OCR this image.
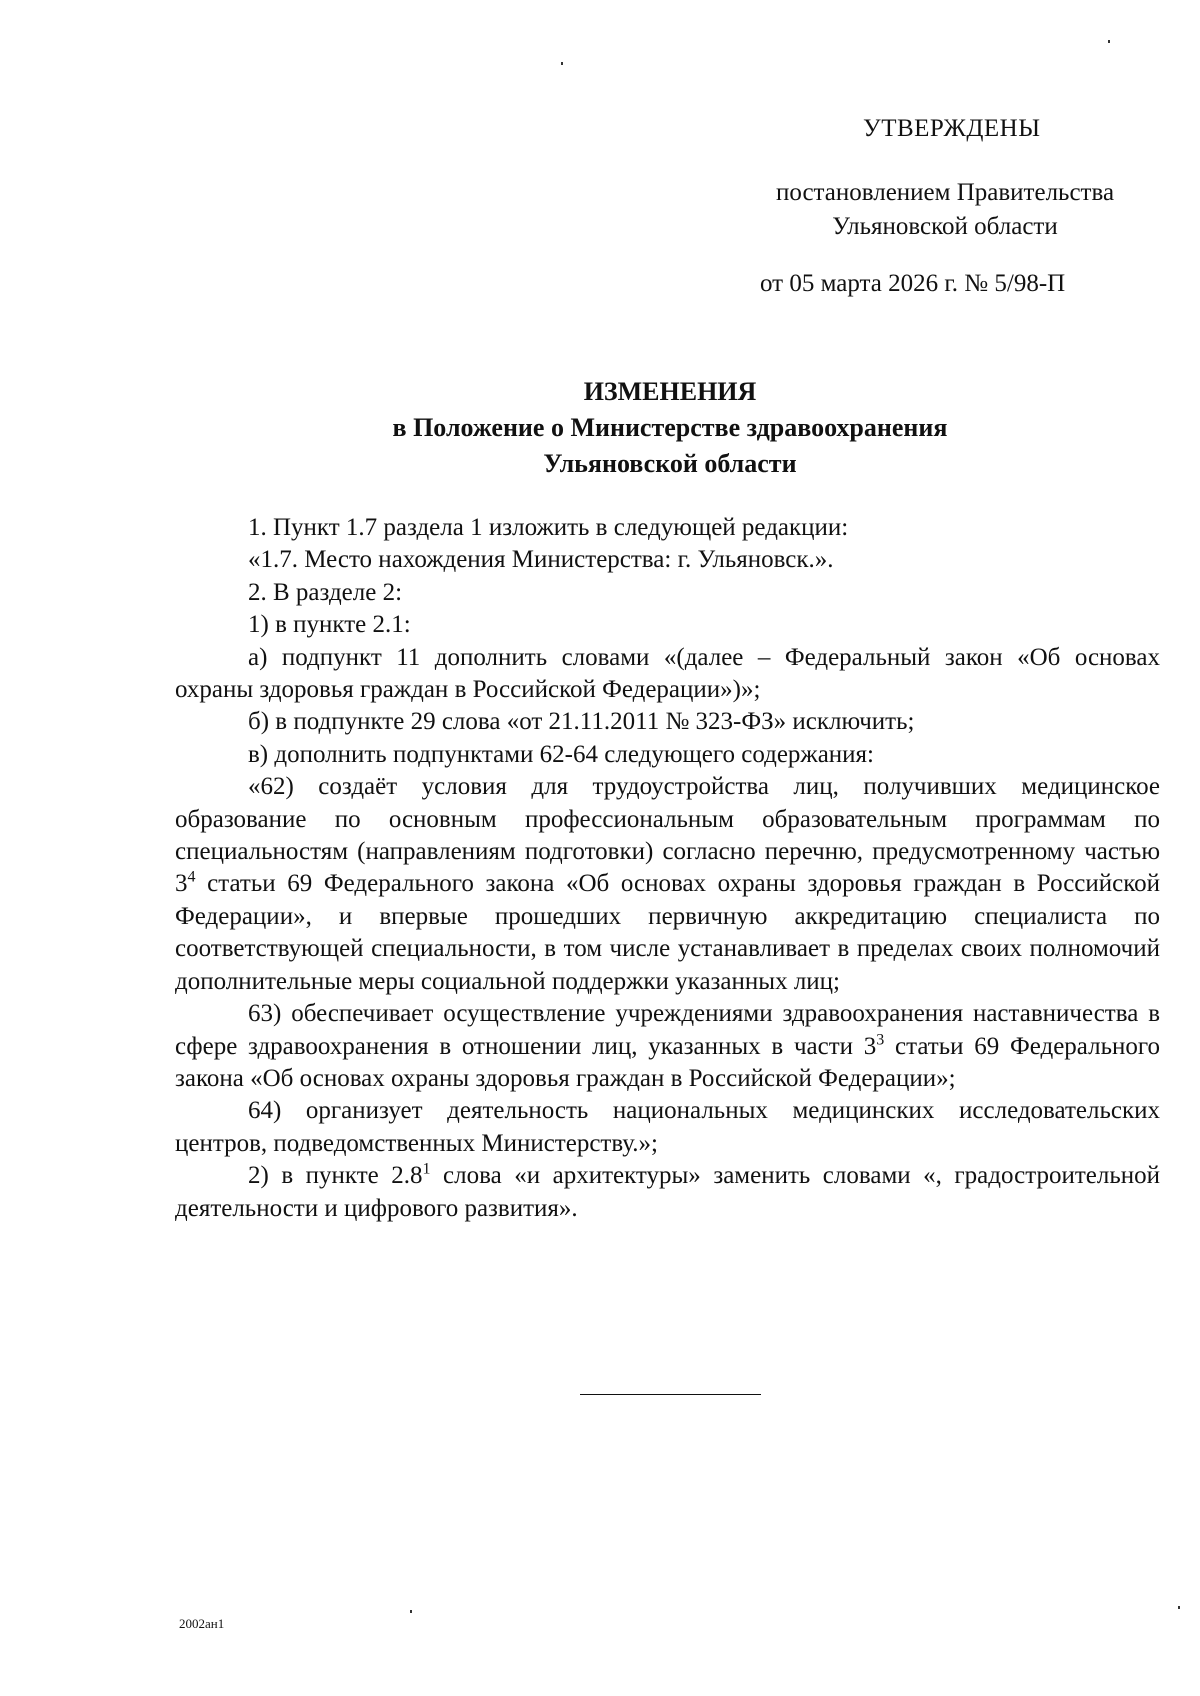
УТВЕРЖДЕНЫ
постановлением Правительства Ульяновской области
от 05 марта 2026 г. № 5/98-П
ИЗМЕНЕНИЯ
в Положение о Министерстве здравоохранения
Ульяновской области

1. Пункт 1.7 раздела 1 изложить в следующей редакции:

«1.7. Место нахождения Министерства: г. Ульяновск.».

2. В разделе 2:

1) в пункте 2.1:

а) подпункт 11 дополнить словами «(далее – Федеральный закон «Об основах охраны здоровья граждан в Российской Федерации»)»;

б) в подпункте 29 слова «от 21.11.2011 № 323-ФЗ» исключить;

в) дополнить подпунктами 62-64 следующего содержания:

«62) создаёт условия для трудоустройства лиц, получивших медицинское образование по основным профессиональным образовательным программам по специальностям (направлениям подготовки) согласно перечню, предусмотренному частью $3^4$ статьи 69 Федерального закона «Об основах охраны здоровья граждан в Российской Федерации», и впервые прошедших первичную аккредитацию специалиста по соответствующей специальности, в том числе устанавливает в пределах своих полномочий дополнительные меры социальной поддержки указанных лиц;

63) обеспечивает осуществление учреждениями здравоохранения наставничества в сфере здравоохранения в отношении лиц, указанных в части $3^3$ статьи 69 Федерального закона «Об основах охраны здоровья граждан в Российской Федерации»;

64) организует деятельность национальных медицинских исследовательских центров, подведомственных Министерству.»;

2) в пункте $2.8^1$ слова «и архитектуры» заменить словами «, градостроительной деятельности и цифрового развития».

2002ан1
